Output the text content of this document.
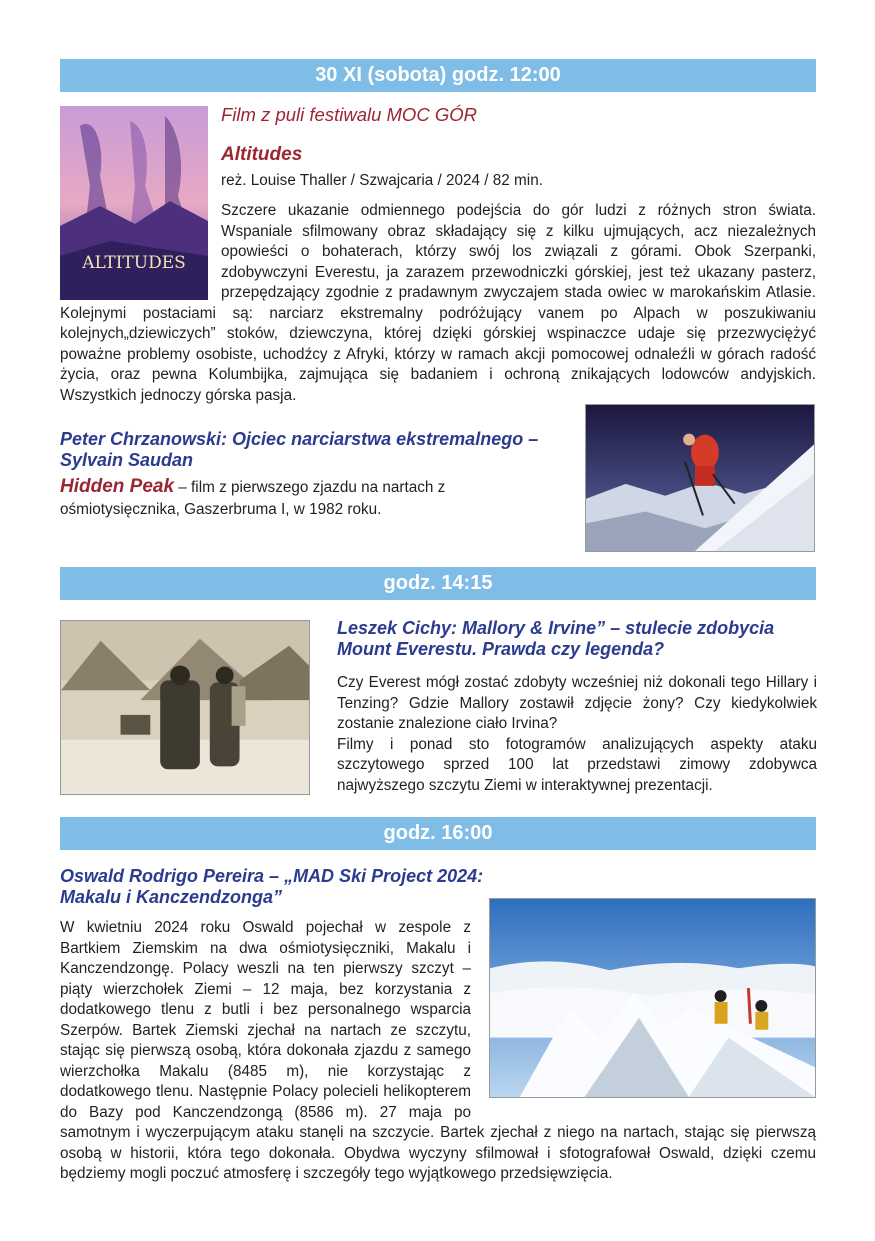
30 XI (sobota) godz. 12:00
ALTITUDES
Film z puli festiwalu MOC GÓR
Altitudes
reż. Louise Thaller / Szwajcaria / 2024 / 82 min.
Szczere ukazanie odmiennego podejścia do gór ludzi z różnych stron świata. Wspaniale sfilmowany obraz składający się z kilku ujmujących, acz niezależnych opowieści o bohaterach, którzy swój los związali z górami. Obok Szerpanki, zdobywczyni Everestu, ja zarazem przewodniczki górskiej, jest też ukazany pasterz, przepędzający zgodnie z pradawnym zwyczajem stada owiec w marokańskim Atlasie. Kolejnymi postaciami są: narciarz ekstremalny podróżujący vanem po Alpach w poszukiwaniu kolejnych„dziewiczych” stoków, dziewczyna, której dzięki górskiej wspinaczce udaje się przezwyciężyć poważne problemy osobiste, uchodźcy z Afryki, którzy w ramach akcji pomocowej odnaleźli w górach radość życia, oraz pewna Kolumbijka, zajmująca się badaniem i ochroną znikających lodowców andyjskich. Wszystkich jednoczy górska pasja.
Peter Chrzanowski: Ojciec narciarstwa ekstremalnego – Sylvain Saudan
Hidden Peak – film z pierwszego zjazdu na nartach z ośmiotysięcznika, Gaszerbruma I, w 1982 roku.
godz. 14:15
Leszek Cichy: Mallory & Irvine” – stulecie zdobycia Mount Everestu. Prawda czy legenda?
Czy Everest mógł zostać zdobyty wcześniej niż dokonali tego Hillary i Tenzing? Gdzie Mallory zostawił zdjęcie żony? Czy kiedykolwiek zostanie znalezione ciało Irvina?
Filmy i ponad sto fotogramów analizujących aspekty ataku szczytowego sprzed 100 lat przedstawi zimowy zdobywca najwyższego szczytu Ziemi w interaktywnej prezentacji.
godz. 16:00
Oswald Rodrigo Pereira – „MAD Ski Project 2024: Makalu i Kanczendzonga”
W kwietniu 2024 roku Oswald pojechał w zespole z Bartkiem Ziemskim na dwa ośmiotysięczniki, Makalu i Kanczendzongę. Polacy weszli na ten pierwszy szczyt – piąty wierzchołek Ziemi – 12 maja, bez korzystania z dodatkowego tlenu z butli i bez personalnego wsparcia Szerpów. Bartek Ziemski zjechał na nartach ze szczytu, stając się pierwszą osobą, która dokonała zjazdu z samego wierzchołka Makalu (8485 m), nie korzystając z dodatkowego tlenu. Następnie Polacy polecieli helikopterem do Bazy pod Kanczendzongą (8586 m). 27 maja po samotnym i wyczerpującym ataku stanęli na szczycie. Bartek zjechał z niego na nartach, stając się pierwszą osobą w historii, która tego dokonała. Obydwa wyczyny sfilmował i sfotografował Oswald, dzięki czemu będziemy mogli poczuć atmosferę i szczegóły tego wyjątkowego przedsięwzięcia.
